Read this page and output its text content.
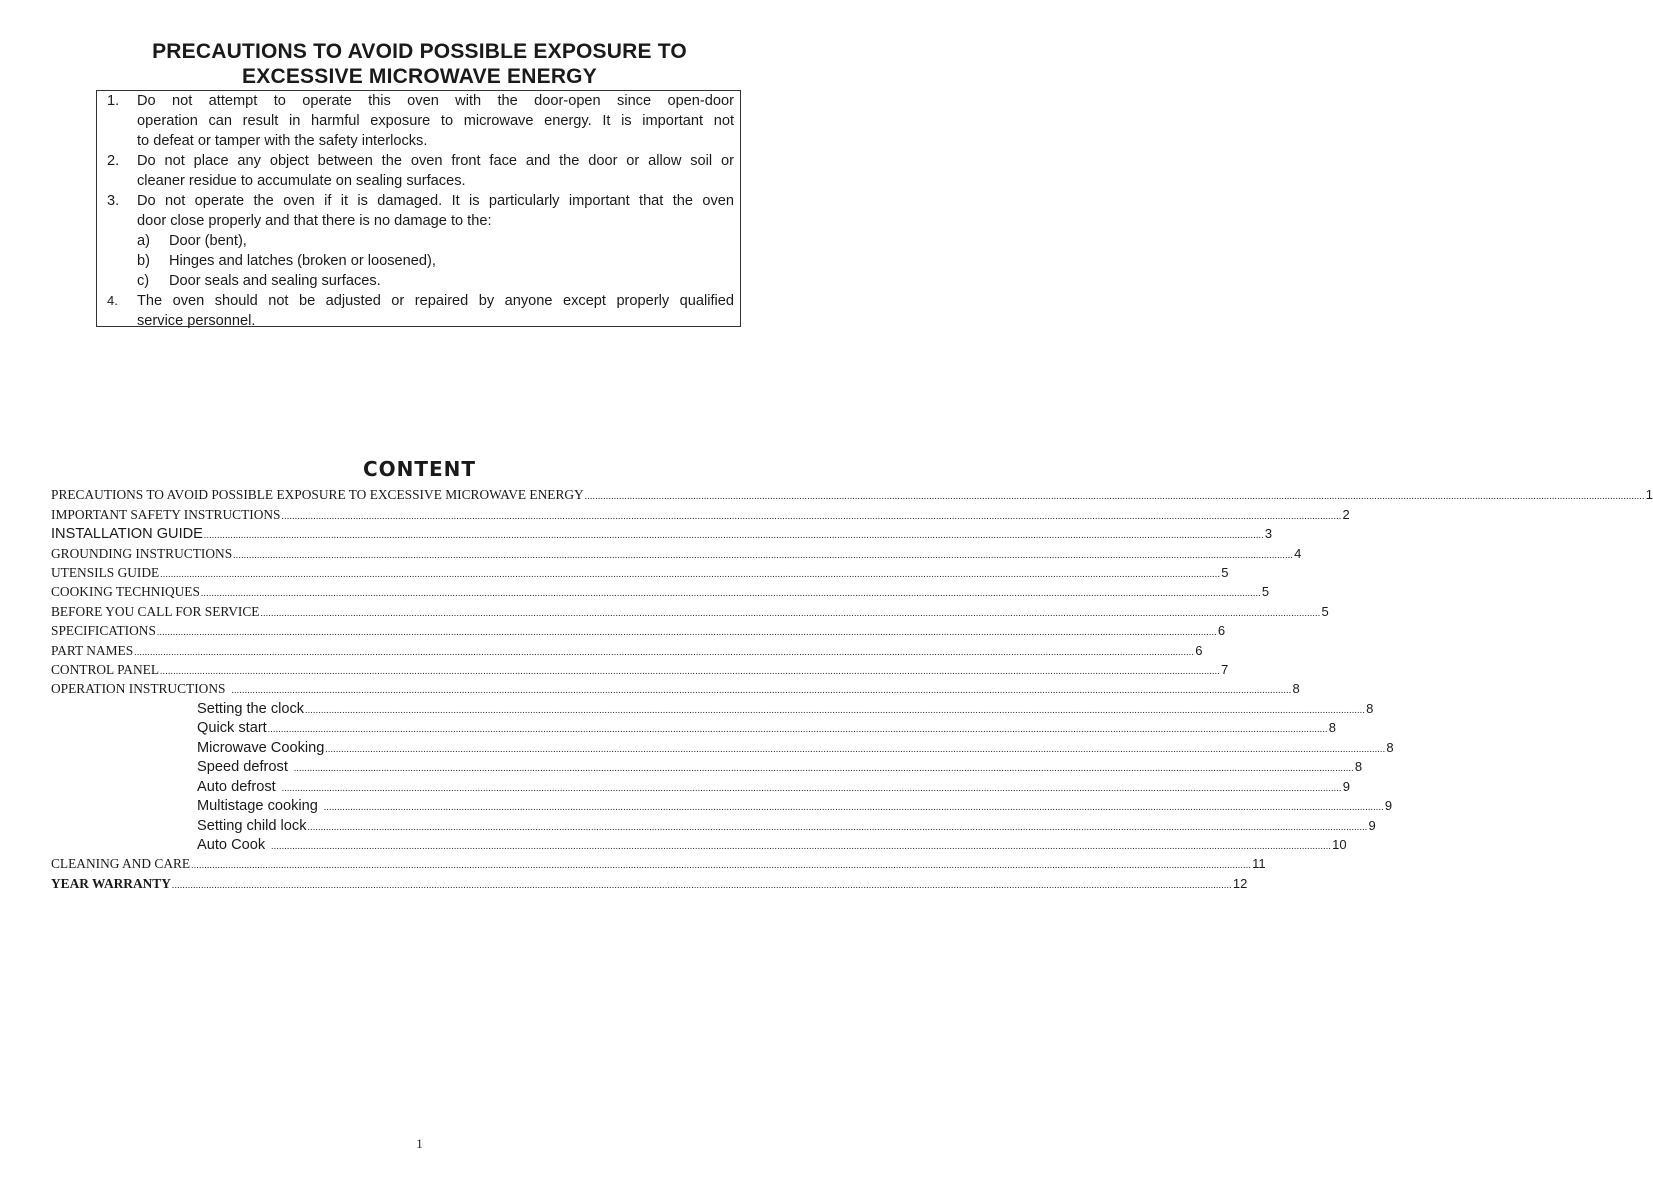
PRECAUTIONS TO AVOID POSSIBLE EXPOSURE TO
EXCESSIVE MICROWAVE ENERGY
1. Do not attempt to operate this oven with the door-open since open-door
operation can result in harmful exposure to microwave energy. It is important not
to defeat or tamper with the safety interlocks.
2. Do not place any object between the oven front face and the door or allow soil or
cleaner residue to accumulate on sealing surfaces.
3. Do not operate the oven if it is damaged. It is particularly important that the oven
door close properly and that there is no damage to the:
a) Door (bent),
b) Hinges and latches (broken or loosened),
c) Door seals and sealing surfaces.
4. The oven should not be adjusted or repaired by anyone except properly qualified
service personnel.
CONTENT
PRECAUTIONS TO AVOID POSSIBLE EXPOSURE TO EXCESSIVE MICROWAVE ENERGY ................................................................................................................................................................................................................................................................................................................................................................................................................ 1
IMPORTANT SAFETY INSTRUCTIONS ................................................................................................................................................................................................................................................................................................................................................................................................................ 2
INSTALLATION GUIDE ................................................................................................................................................................................................................................................................................................................................................................................................................ 3
GROUNDING INSTRUCTIONS ................................................................................................................................................................................................................................................................................................................................................................................................................ 4
UTENSILS GUIDE ................................................................................................................................................................................................................................................................................................................................................................................................................ 5
COOKING TECHNIQUES ................................................................................................................................................................................................................................................................................................................................................................................................................ 5
BEFORE YOU CALL FOR SERVICE ................................................................................................................................................................................................................................................................................................................................................................................................................ 5
SPECIFICATIONS ................................................................................................................................................................................................................................................................................................................................................................................................................ 6
PART NAMES ................................................................................................................................................................................................................................................................................................................................................................................................................ 6
CONTROL PANEL ................................................................................................................................................................................................................................................................................................................................................................................................................ 7
OPERATION INSTRUCTIONS ................................................................................................................................................................................................................................................................................................................................................................................................................ 8
Setting the clock ................................................................................................................................................................................................................................................................................................................................................................................................................ 8
Quick start ................................................................................................................................................................................................................................................................................................................................................................................................................ 8
Microwave Cooking ................................................................................................................................................................................................................................................................................................................................................................................................................ 8
Speed defrost ................................................................................................................................................................................................................................................................................................................................................................................................................ 8
Auto defrost ................................................................................................................................................................................................................................................................................................................................................................................................................ 9
Multistage cooking ................................................................................................................................................................................................................................................................................................................................................................................................................ 9
Setting child lock ................................................................................................................................................................................................................................................................................................................................................................................................................ 9
Auto Cook ................................................................................................................................................................................................................................................................................................................................................................................................................ 10
CLEANING AND CARE ................................................................................................................................................................................................................................................................................................................................................................................................................ 11
YEAR WARRANTY ................................................................................................................................................................................................................................................................................................................................................................................................................ 12
1
